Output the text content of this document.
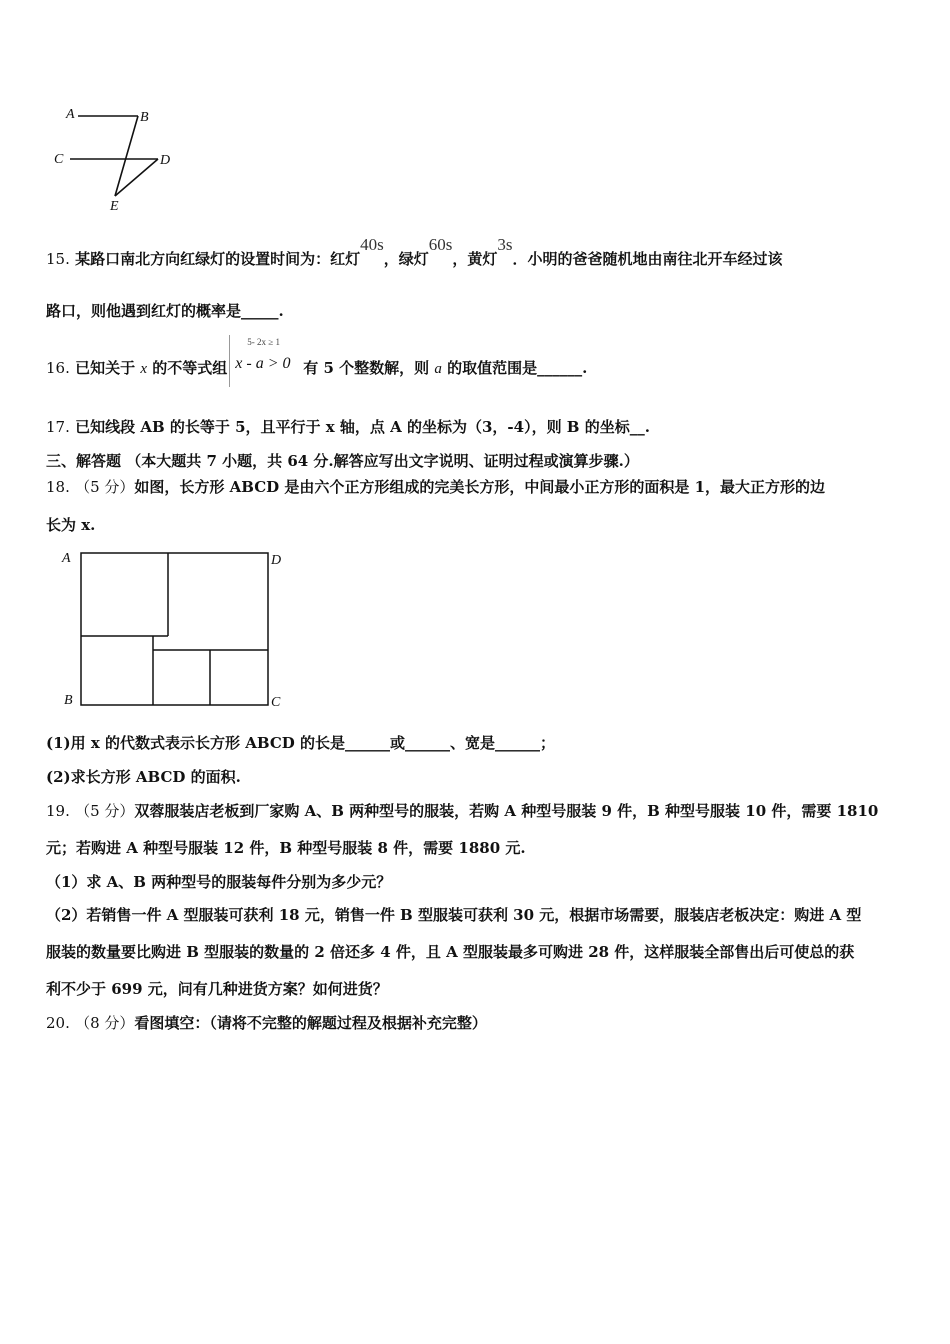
A	B
C	D
E
15. 某路口南北方向红绿灯的设置时间为：红灯40s，绿灯60s，黄灯3s．小明的爸爸随机地由南往北开车经过该
路口，则他遇到红灯的概率是_____.
16. 已知关于 x 的不等式组
5- 2x ≥ 1
x - a > 0 有 5 个整数解，则 a 的取值范围是______.
17. 已知线段 AB 的长等于 5，且平行于 x 轴，点 A 的坐标为（3，-4），则 B 的坐标__.
三、解答题 （本大题共 7 小题，共 64 分.解答应写出文字说明、证明过程或演算步骤.）
18. （5 分）如图，长方形 ABCD 是由六个正方形组成的完美长方形，中间最小正方形的面积是 1，最大正方形的边
长为 x.
A	D
B	C
(1)用 x 的代数式表示长方形 ABCD 的长是______或______、宽是______；
(2)求长方形 ABCD 的面积.
19. （5 分）双蓉服装店老板到厂家购 A、B 两种型号的服装，若购 A 种型号服装 9 件，B 种型号服装 10 件，需要 1810
元；若购进 A 种型号服装 12 件，B 种型号服装 8 件，需要 1880 元.
（1）求 A、B 两种型号的服装每件分别为多少元？
（2）若销售一件 A 型服装可获利 18 元，销售一件 B 型服装可获利 30 元，根据市场需要，服装店老板决定：购进 A 型
服装的数量要比购进 B 型服装的数量的 2 倍还多 4 件，且 A 型服装最多可购进 28 件，这样服装全部售出后可使总的获
利不少于 699 元，问有几种进货方案？如何进货？
20. （8 分）看图填空：（请将不完整的解题过程及根据补充完整）
